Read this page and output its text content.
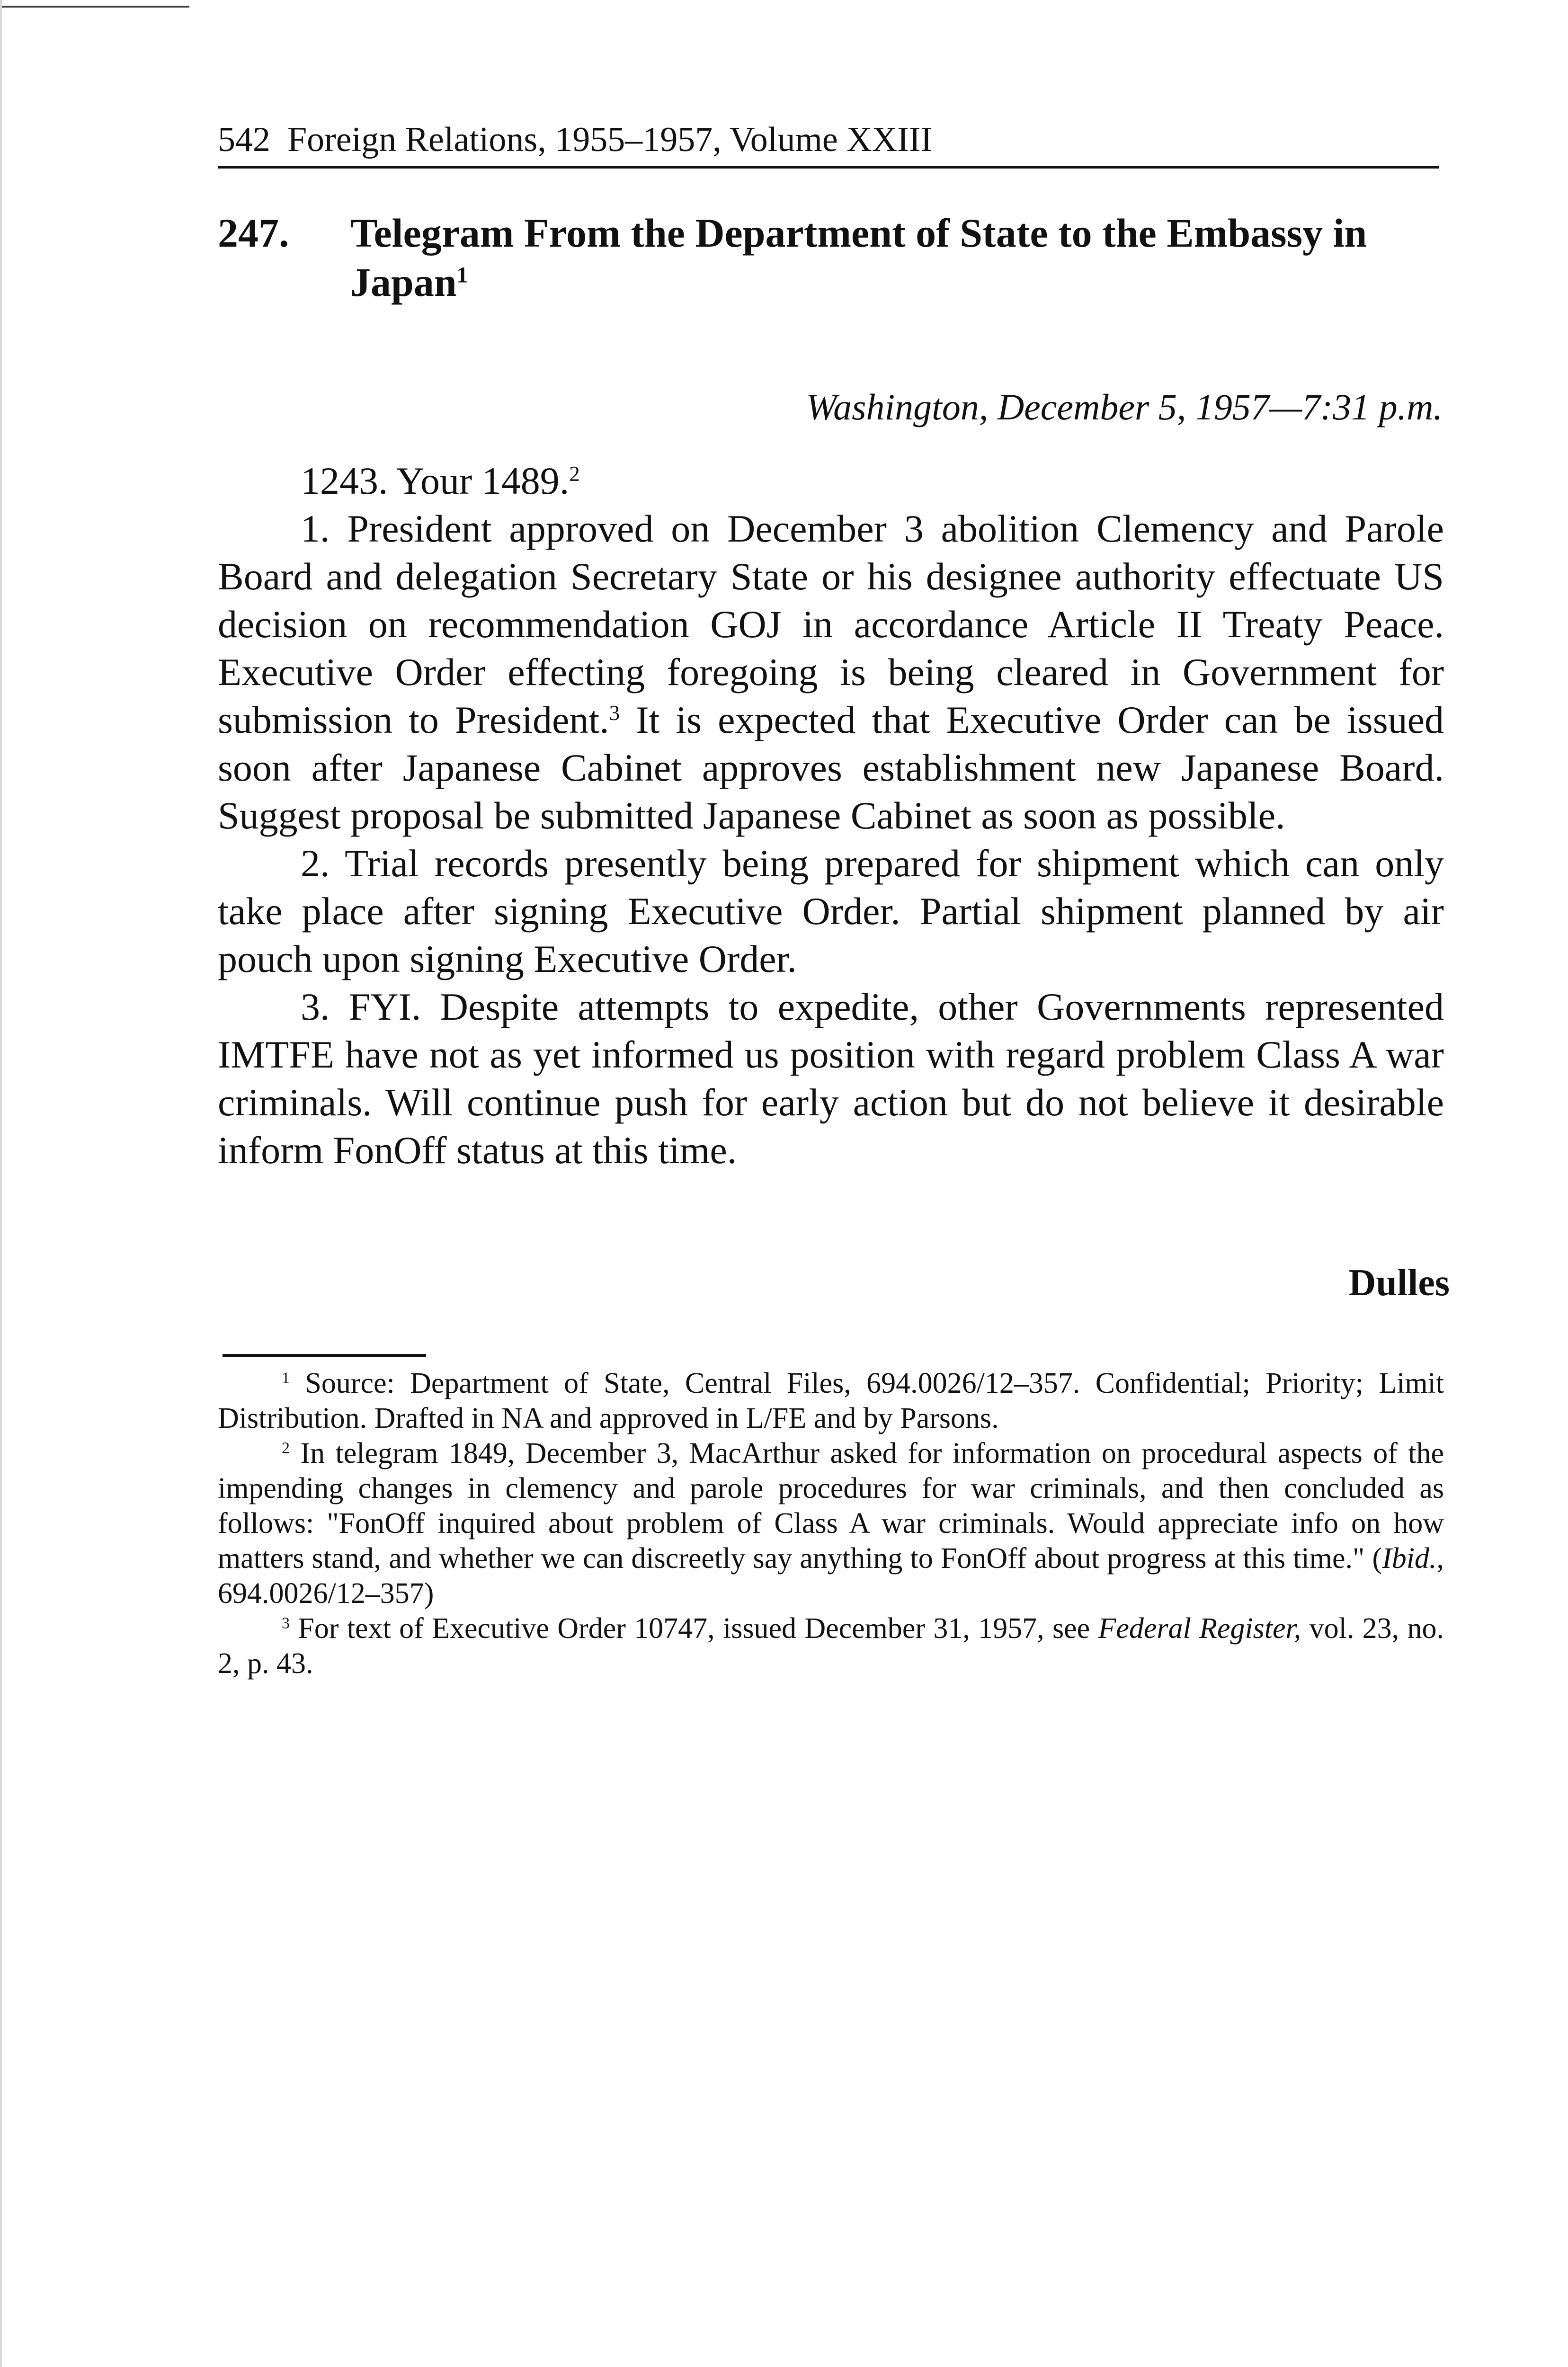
542 Foreign Relations, 1955–1957, Volume XXIII
247. Telegram From the Department of State to the Embassy in Japan$^1$
Washington, December 5, 1957—7:31 p.m.

1243. Your 1489.$^2$

1. President approved on December 3 abolition Clemency and Parole Board and delegation Secretary State or his designee authority effectuate US decision on recommendation GOJ in accordance Article II Treaty Peace. Executive Order effecting foregoing is being cleared in Government for submission to President.$^3$ It is expected that Executive Order can be issued soon after Japanese Cabinet approves establishment new Japanese Board. Suggest proposal be submitted Japanese Cabinet as soon as possible.

2. Trial records presently being prepared for shipment which can only take place after signing Executive Order. Partial shipment planned by air pouch upon signing Executive Order.

3. FYI. Despite attempts to expedite, other Governments represented IMTFE have not as yet informed us position with regard problem Class A war criminals. Will continue push for early action but do not believe it desirable inform FonOff status at this time.

Dulles

$^1$ Source: Department of State, Central Files, 694.0026/12–357. Confidential; Priority; Limit Distribution. Drafted in NA and approved in L/FE and by Parsons.

$^2$ In telegram 1849, December 3, MacArthur asked for information on procedural aspects of the impending changes in clemency and parole procedures for war criminals, and then concluded as follows: "FonOff inquired about problem of Class A war criminals. Would appreciate info on how matters stand, and whether we can discreetly say anything to FonOff about progress at this time." (Ibid., 694.0026/12–357)

$^3$ For text of Executive Order 10747, issued December 31, 1957, see Federal Register, vol. 23, no. 2, p. 43.
